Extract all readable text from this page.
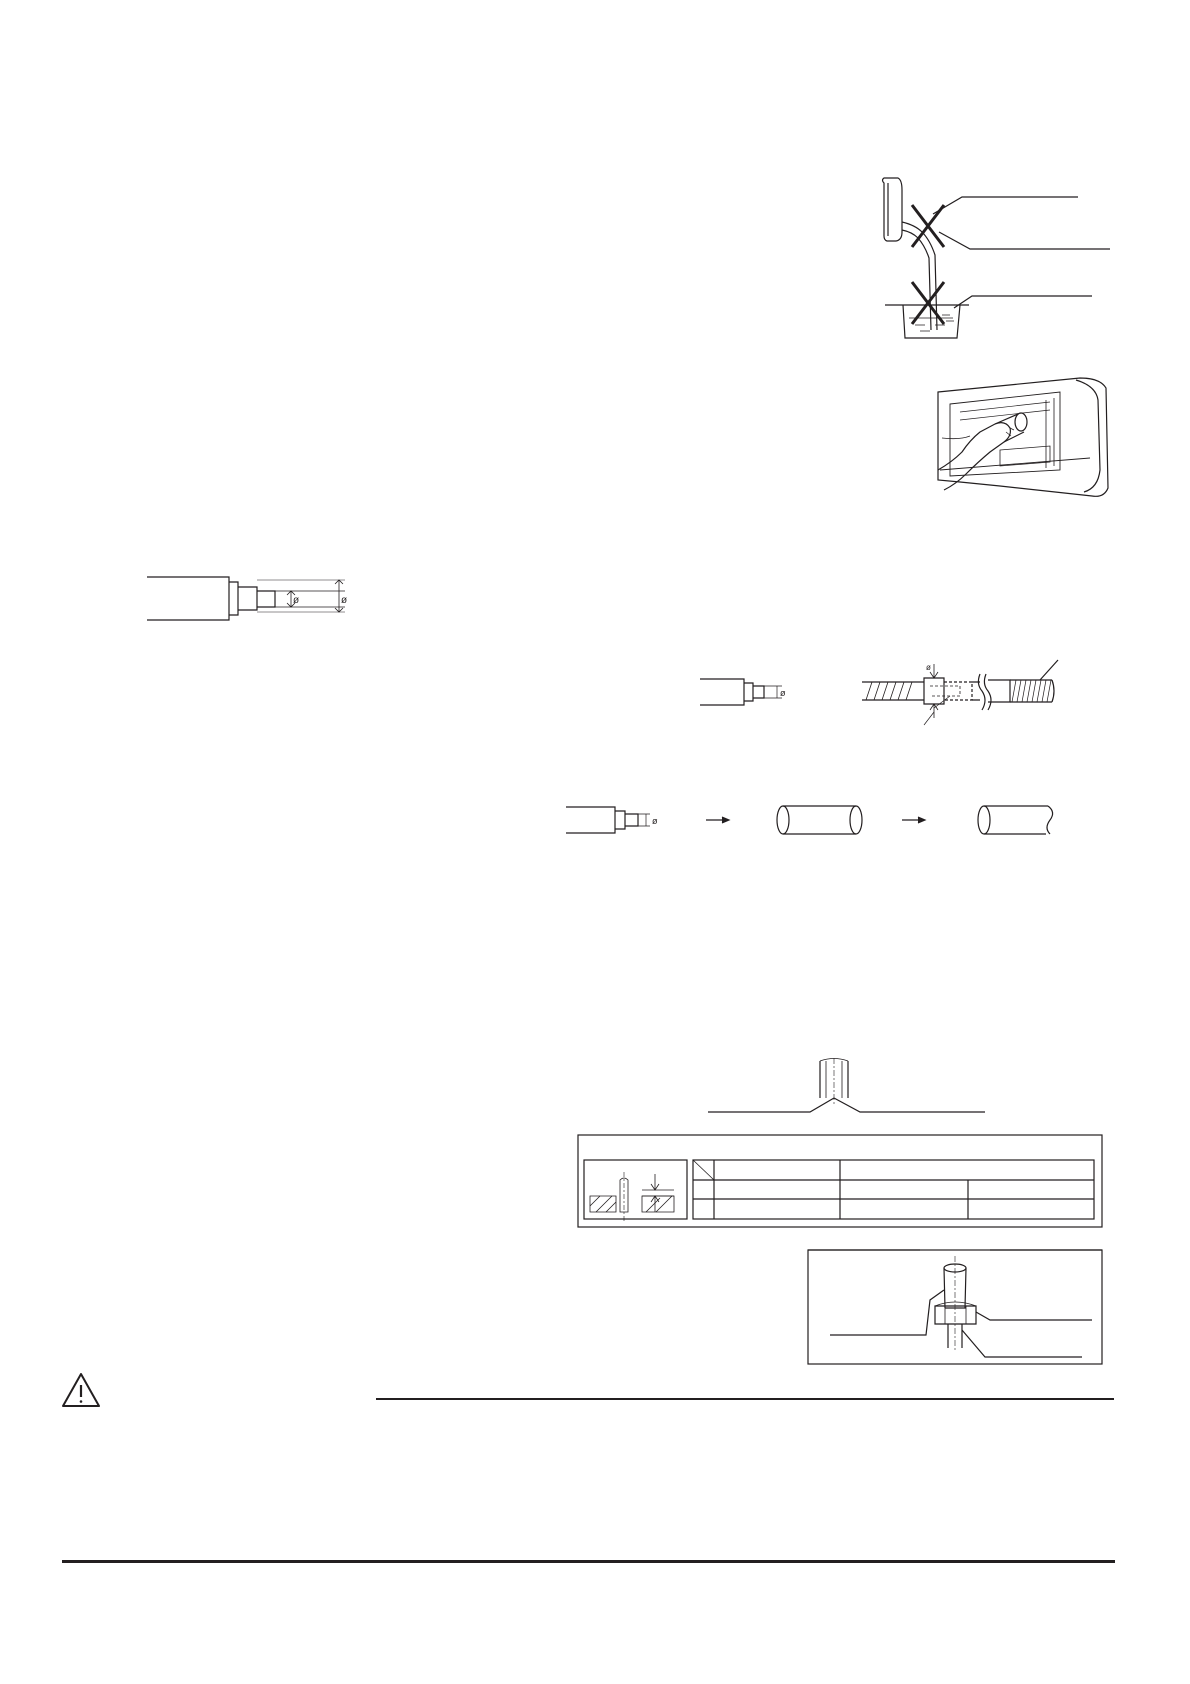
ø	ø
ø
ø
ø
